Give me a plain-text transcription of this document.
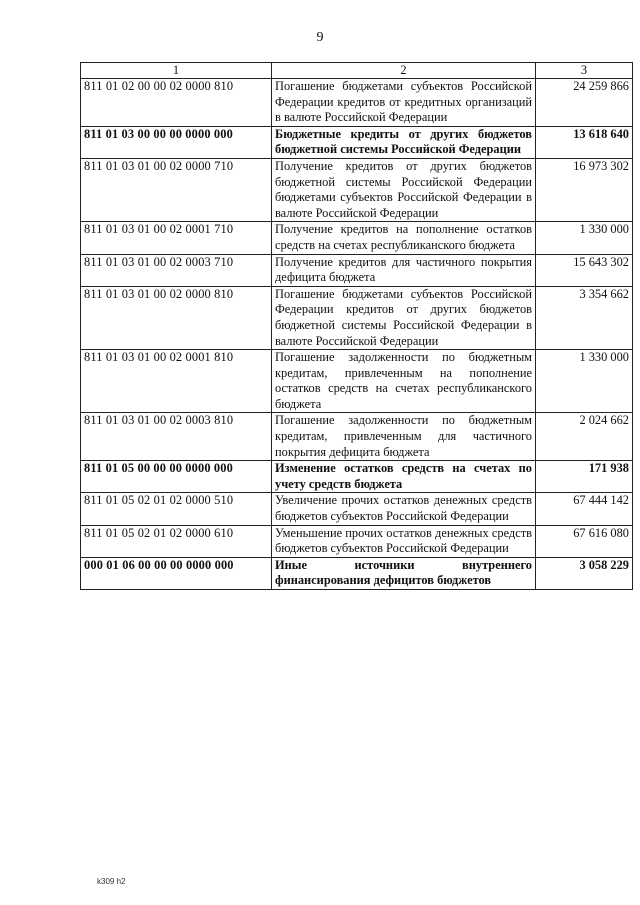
9
1	2	3
811 01 02 00 00 02 0000 810	Погашение бюджетами субъектов Российской Федерации кредитов от кредитных организаций в валюте Российской Федерации	24 259 866
811 01 03 00 00 00 0000 000	Бюджетные кредиты от других бюджетов бюджетной системы Российской Федерации	13 618 640
811 01 03 01 00 02 0000 710	Получение кредитов от других бюджетов бюджетной системы Российской Федерации бюджетами субъектов Российской Федерации в валюте Российской Федерации	16 973 302
811 01 03 01 00 02 0001 710	Получение кредитов на пополнение остатков средств на счетах республиканского бюджета	1 330 000
811 01 03 01 00 02 0003 710	Получение кредитов для частичного покрытия дефицита бюджета	15 643 302
811 01 03 01 00 02 0000 810	Погашение бюджетами субъектов Российской Федерации кредитов от других бюджетов бюджетной системы Российской Федерации в валюте Российской Федерации	3 354 662
811 01 03 01 00 02 0001 810	Погашение задолженности по бюджетным кредитам, привлеченным на пополнение остатков средств на счетах республиканского бюджета	1 330 000
811 01 03 01 00 02 0003 810	Погашение задолженности по бюджетным кредитам, привлеченным для частичного покрытия дефицита бюджета	2 024 662
811 01 05 00 00 00 0000 000	Изменение остатков средств на счетах по учету средств бюджета	171 938
811 01 05 02 01 02 0000 510	Увеличение прочих остатков денежных средств бюджетов субъектов Российской Федерации	67 444 142
811 01 05 02 01 02 0000 610	Уменьшение прочих остатков денежных средств бюджетов субъектов Российской Федерации	67 616 080
000 01 06 00 00 00 0000 000	Иные источники внутреннего финансирования дефицитов бюджетов	3 058 229
k309 h2
